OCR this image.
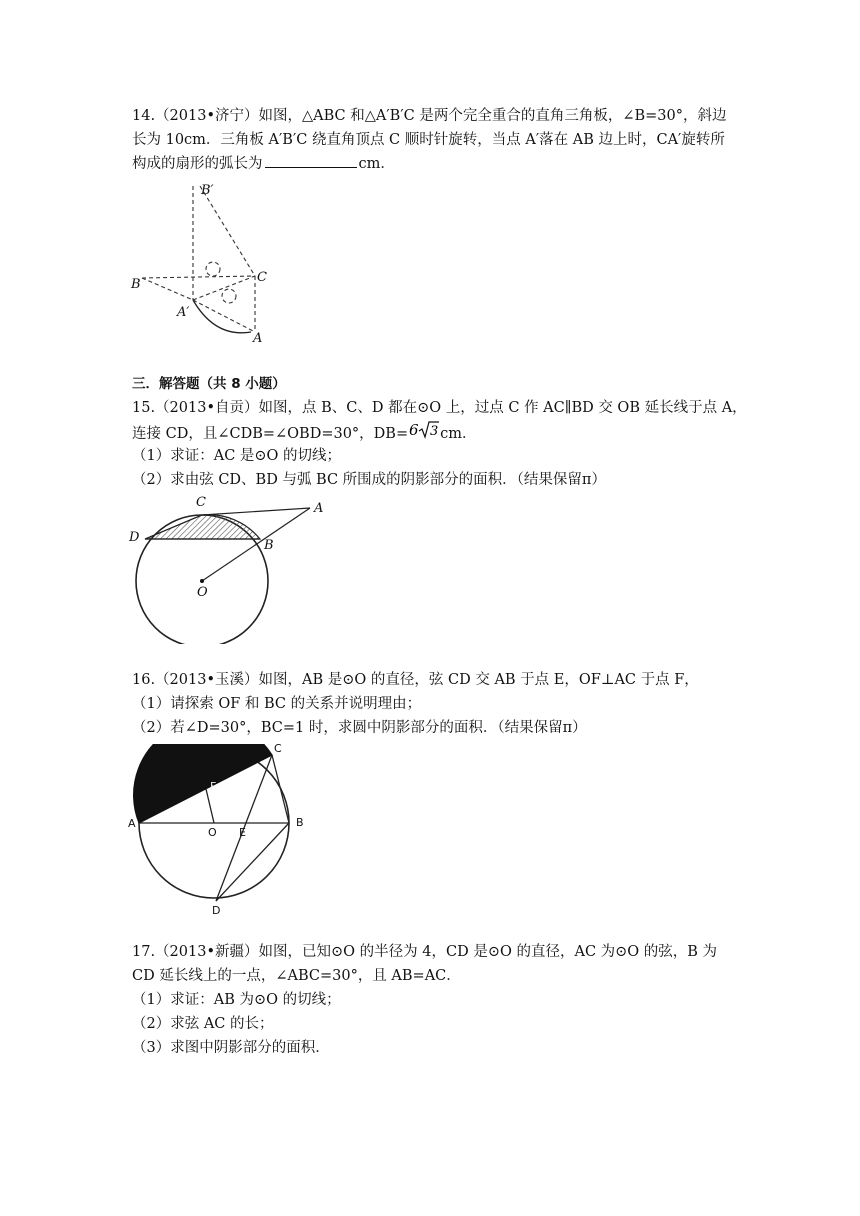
14.（2013•济宁）如图，△ABC 和△A′B′C 是两个完全重合的直角三角板，∠B=30°，斜边
长为 10cm．三角板 A′B′C 绕直角顶点 C 顺时针旋转，当点 A′落在 AB 边上时，CA′旋转所
构成的扇形的弧长为	cm．
B′
B	C
A′
A
三．解答题（共 8 小题）
15.（2013•自贡）如图，点 B、C、D 都在⊙O 上，过点 C 作 AC∥BD 交 OB 延长线于点 A，
连接 CD，且∠CDB=∠OBD=30°，DB= 6 3 cm．
（1）求证：AC 是⊙O 的切线；
（2）求由弦 CD、BD 与弧 BC 所围成的阴影部分的面积．（结果保留π）
C	A
D
B
O
16.（2013•玉溪）如图，AB 是⊙O 的直径，弦 CD 交 AB 于点 E，OF⊥AC 于点 F，
（1）请探索 OF 和 BC 的关系并说明理由；
（2）若∠D=30°，BC=1 时，求圆中阴影部分的面积．（结果保留π）
C
F
A
O E
B
D
17.（2013•新疆）如图，已知⊙O 的半径为 4，CD 是⊙O 的直径，AC 为⊙O 的弦，B 为
CD 延长线上的一点，∠ABC=30°，且 AB=AC．
（1）求证：AB 为⊙O 的切线；
（2）求弦 AC 的长；
（3）求图中阴影部分的面积．
